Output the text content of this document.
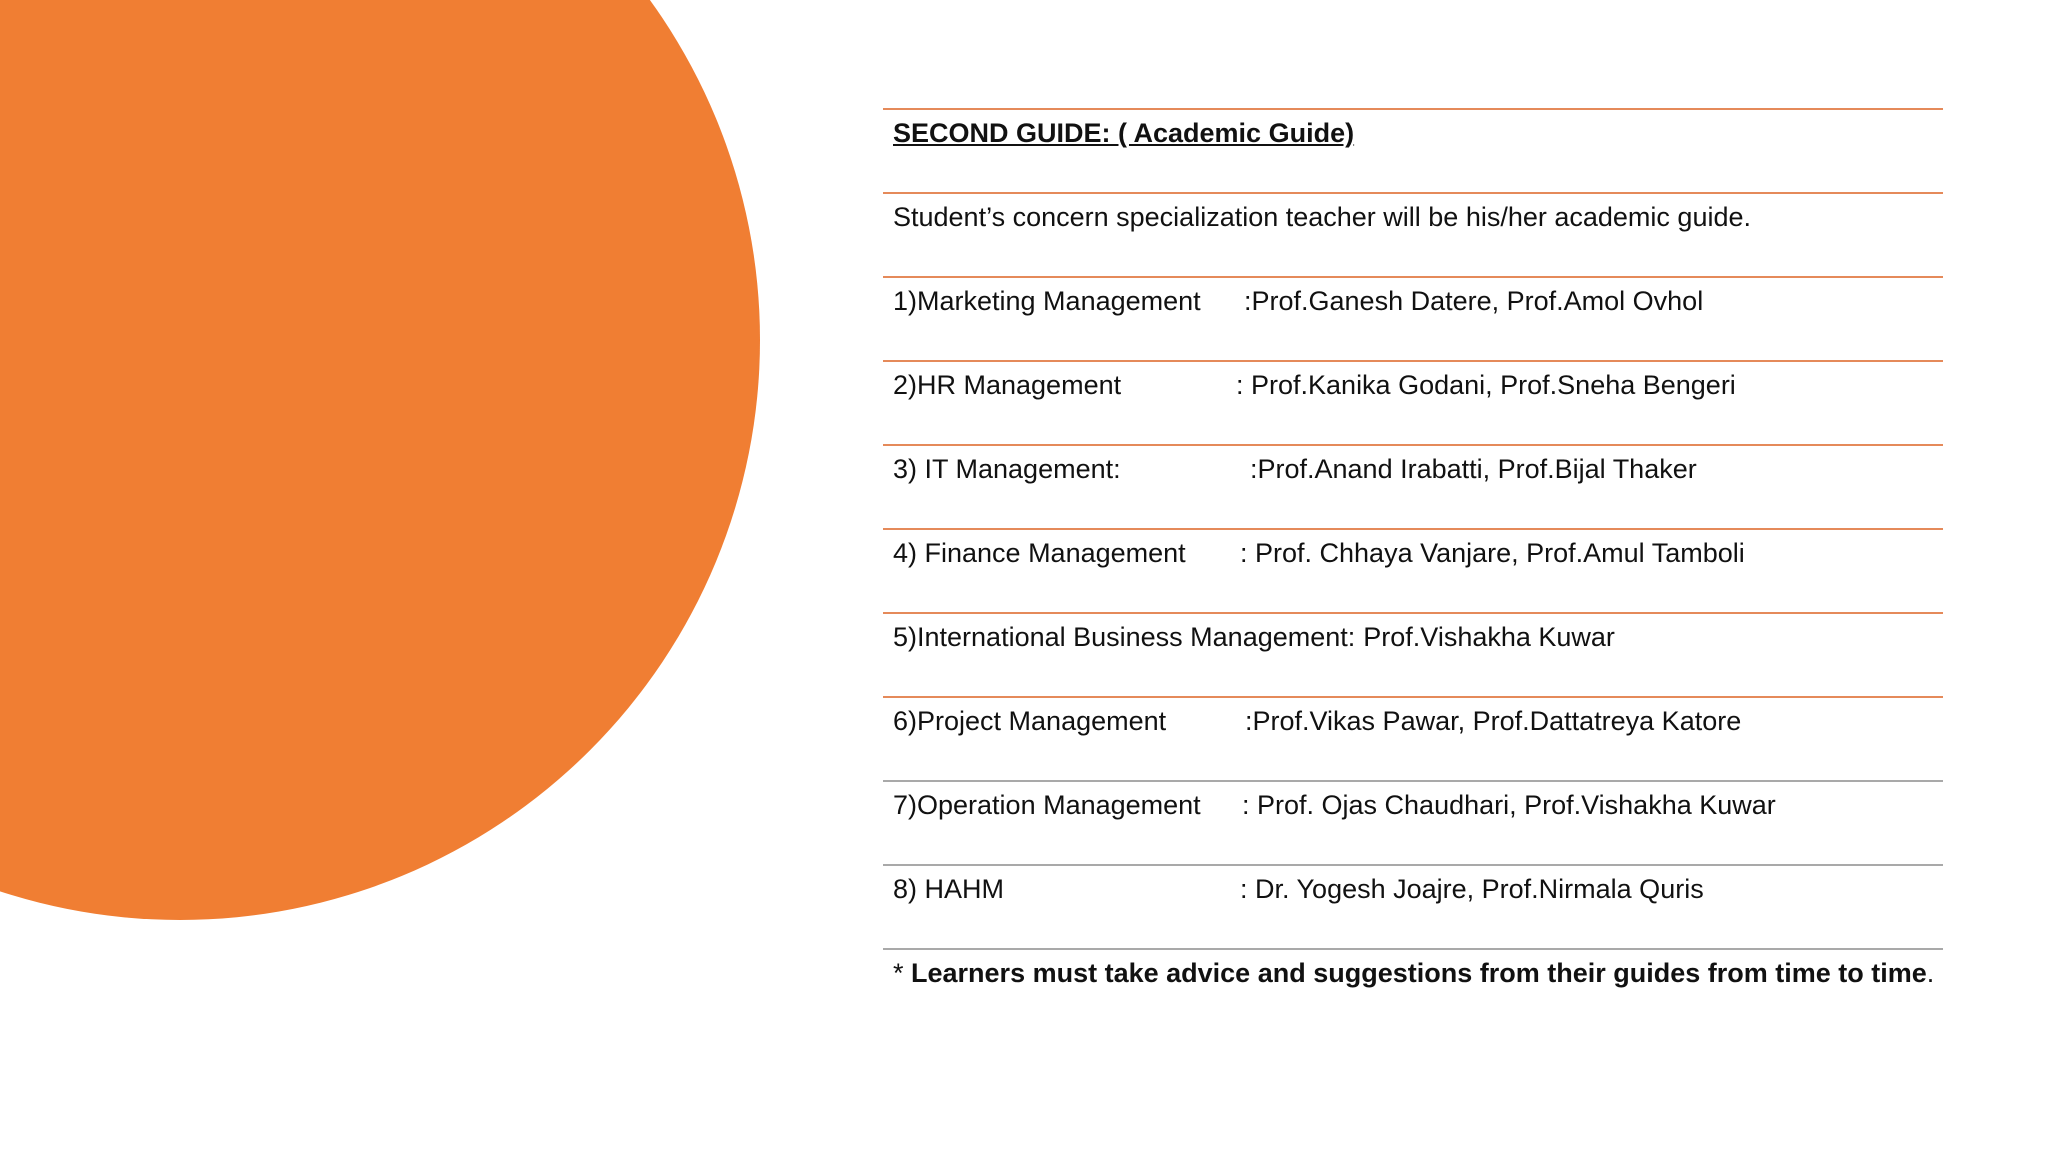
SECOND GUIDE: ( Academic Guide)
Student’s concern specialization teacher will be his/her academic guide.
1)Marketing Management	:Prof.Ganesh Datere, Prof.Amol Ovhol
2)HR Management	: Prof.Kanika Godani, Prof.Sneha Bengeri
3) IT Management:	:Prof.Anand Irabatti, Prof.Bijal Thaker
4) Finance Management	: Prof. Chhaya Vanjare, Prof.Amul Tamboli
5)International Business Management: Prof.Vishakha Kuwar
6)Project Management	:Prof.Vikas Pawar, Prof.Dattatreya Katore
7)Operation Management	: Prof. Ojas Chaudhari, Prof.Vishakha Kuwar
8) HAHM	: Dr. Yogesh Joajre, Prof.Nirmala Quris
* Learners must take advice and suggestions from their guides from time to time.
